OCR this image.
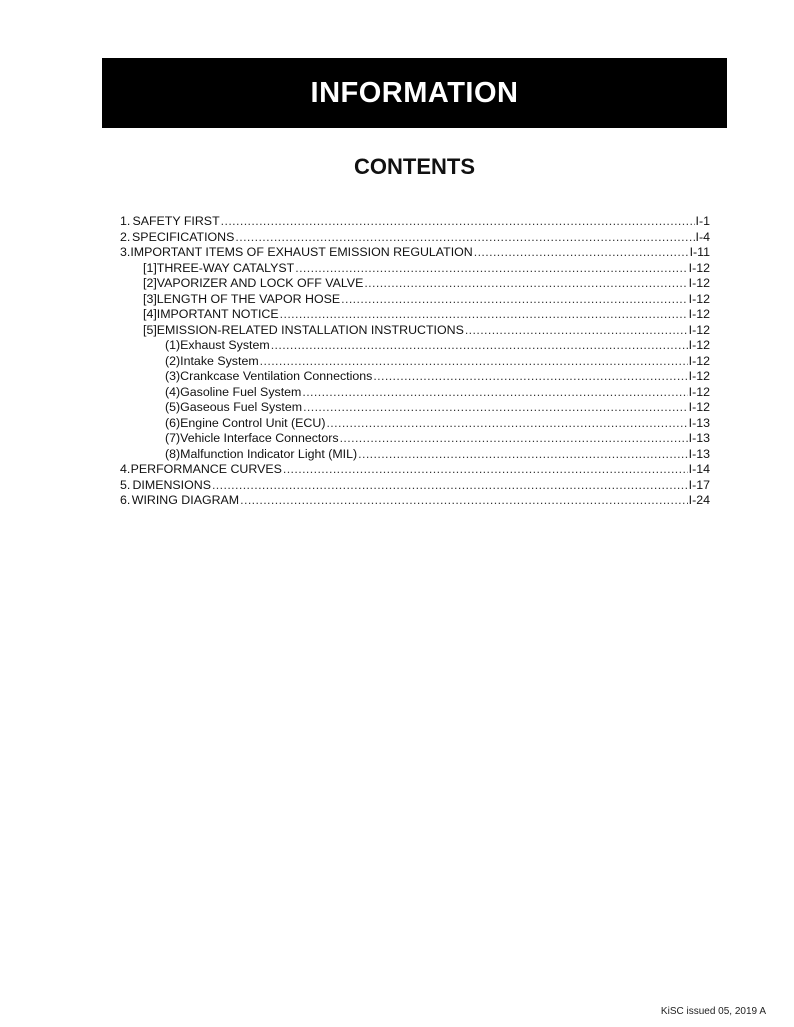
INFORMATION
CONTENTS
1. SAFETY FIRST .....	I-1
2. SPECIFICATIONS .....	I-4
3. IMPORTANT ITEMS OF EXHAUST EMISSION REGULATION .....	I-11
[1] THREE-WAY CATALYST .....	I-12
[2] VAPORIZER AND LOCK OFF VALVE .....	I-12
[3] LENGTH OF THE VAPOR HOSE .....	I-12
[4] IMPORTANT NOTICE .....	I-12
[5] EMISSION-RELATED INSTALLATION INSTRUCTIONS .....	I-12
(1) Exhaust System .....	I-12
(2) Intake System .....	I-12
(3) Crankcase Ventilation Connections .....	I-12
(4) Gasoline Fuel System .....	I-12
(5) Gaseous Fuel System .....	I-12
(6) Engine Control Unit (ECU) .....	I-13
(7) Vehicle Interface Connectors .....	I-13
(8) Malfunction Indicator Light (MIL) .....	I-13
4. PERFORMANCE CURVES .....	I-14
5. DIMENSIONS .....	I-17
6. WIRING DIAGRAM .....	I-24
KiSC issued 05, 2019 A
